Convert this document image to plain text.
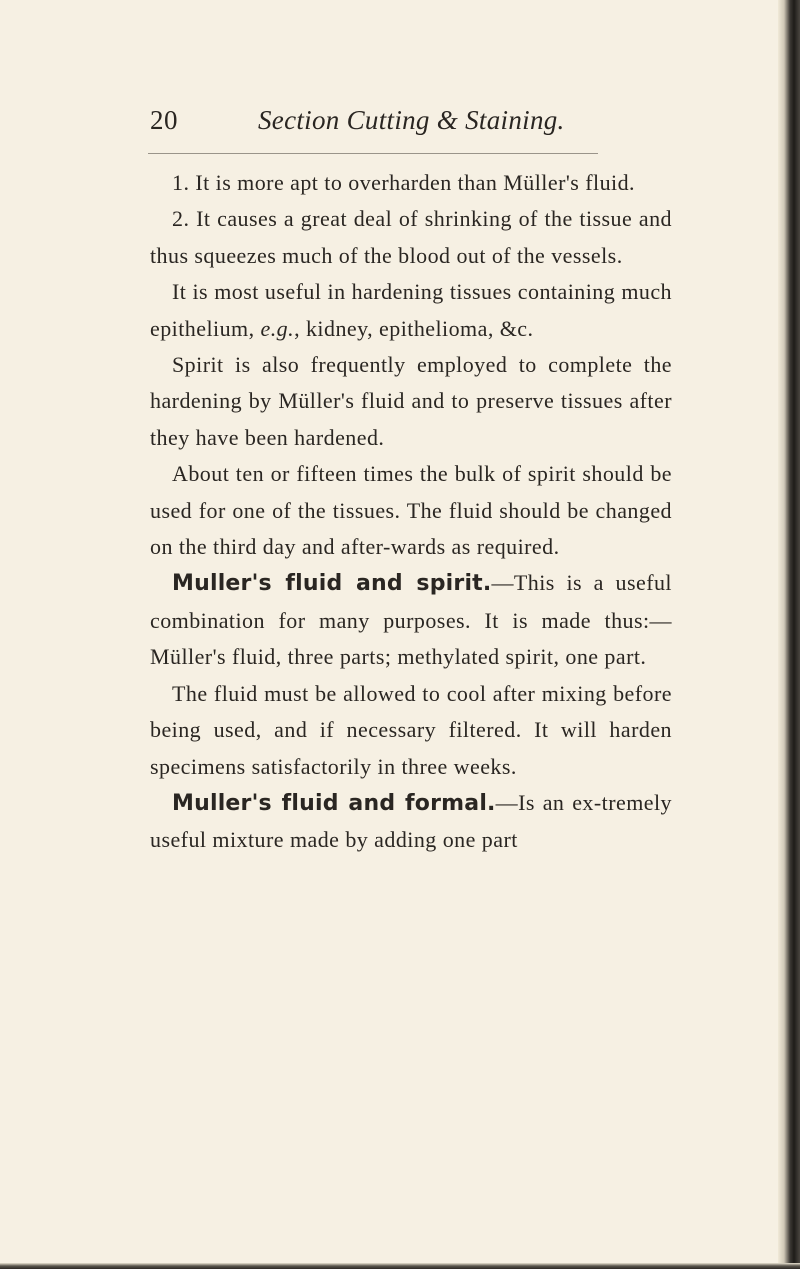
20	Section Cutting & Staining.

1. It is more apt to overharden than Müller's fluid.

2. It causes a great deal of shrinking of the tissue and thus squeezes much of the blood out of the vessels.

It is most useful in hardening tissues containing much epithelium, e.g., kidney, epithelioma, &c.

Spirit is also frequently employed to complete the hardening by Müller's fluid and to preserve tissues after they have been hardened.

About ten or fifteen times the bulk of spirit should be used for one of the tissues. The fluid should be changed on the third day and after-wards as required.

Muller's fluid and spirit.—This is a useful combination for many purposes. It is made thus:—Müller's fluid, three parts; methylated spirit, one part.

The fluid must be allowed to cool after mixing before being used, and if necessary filtered. It will harden specimens satisfactorily in three weeks.

Muller's fluid and formal.—Is an ex-tremely useful mixture made by adding one part
